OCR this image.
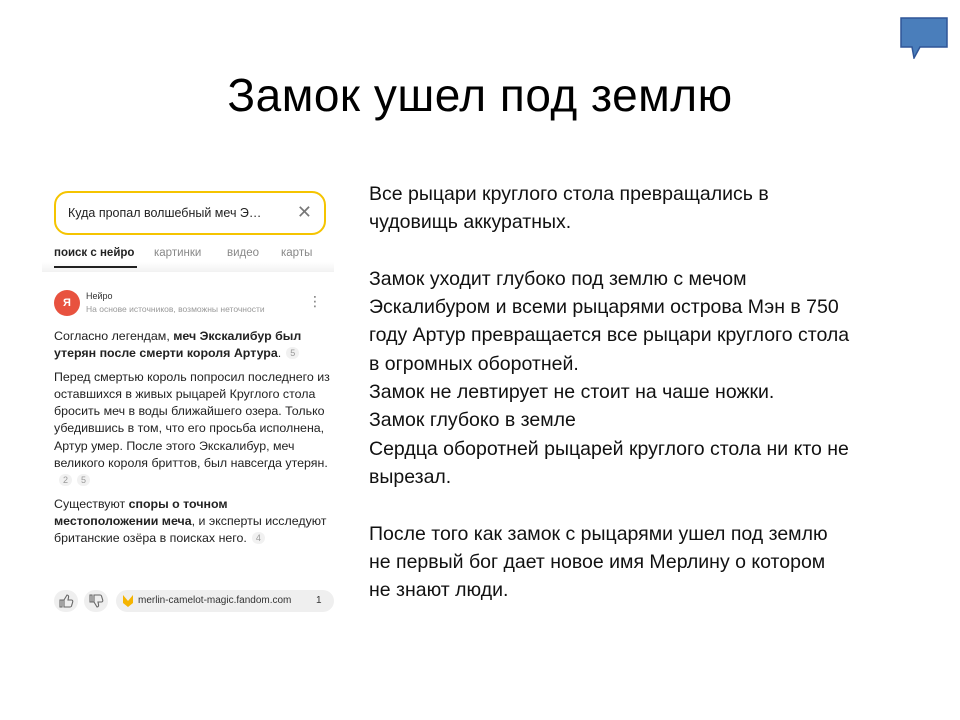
Замок ушел под землю
Куда пропал волшебный меч Э… ✕
поиск с нейро картинки видео карты
Я
Нейро
На основе источников, возможны неточности	⋮

Согласно легендам, меч Экскалибур был утерян после смерти короля Артура. 5

Перед смертью король попросил последнего из оставшихся в живых рыцарей Круглого стола бросить меч в воды ближайшего озера. Только убедившись в том, что его просьба исполнена, Артур умер. После этого Экскалибур, меч великого короля бриттов, был навсегда утерян.2 5

Существуют споры о точном местоположении меча, и эксперты исследуют британские озёра в поисках него. 4

merlin-camelot-magic.fandom.com 1
Все рыцари круглого стола превращались в
чудовищь аккуратных.
Замок уходит глубоко под землю с мечом
Эскалибуром и всеми рыцарями острова Мэн в 750
году Артур превращается все рыцари круглого стола
в огромных оборотней.
Замок не левтирует не стоит на чаше ножки.
Замок глубоко в земле
Сердца оборотней рыцарей круглого стола ни кто не
вырезал.
После того как замок с рыцарями ушел под землю
не первый бог дает новое имя Мерлину о котором
не знают люди.
